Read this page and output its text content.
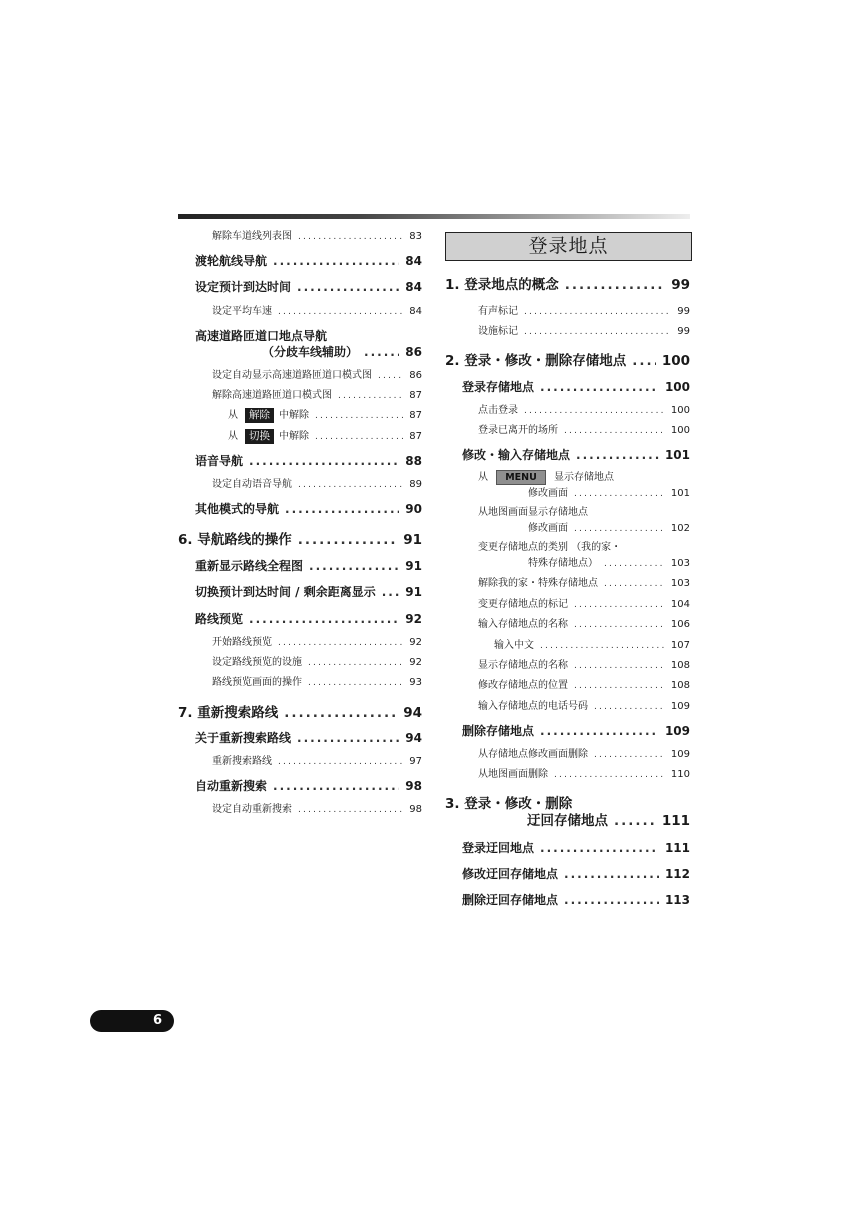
解除车道线列表图 .....	83
渡轮航线导航 .....	84
设定预计到达时间 .....	84
设定平均车速 .....	84
高速道路匝道口地点导航
（分歧车线辅助） .....	86
设定自动显示高速道路匝道口模式图 .....	86
解除高速道路匝道口模式图 .....	87
从 解除 中解除 .....	87
从 切换 中解除 .....	87
语音导航 .....	88
设定自动语音导航 .....	89
其他模式的导航 .....	90
6. 导航路线的操作 .....	91
重新显示路线全程图 .....	91
切换预计到达时间 / 剩余距离显示 ..... 91
路线预览 .....	92
开始路线预览 .....	92
设定路线预览的设施 .....	92
路线预览画面的操作 .....	93
7. 重新搜索路线 .....	94
关于重新搜索路线 .....	94
重新搜索路线 .....	97
自动重新搜索 .....	98
设定自动重新搜索 .....	98
登录地点
1. 登录地点的概念 .....	99
有声标记 .....	99
设施标记 .....	99
2. 登录・修改・删除存储地点 .....	100
登录存储地点 .....	100
点击登录 .....	100
登录已离开的场所 .....	100
修改・输入存储地点 .....	101
从 MENU 显示存储地点
修改画面 .....	101
从地图画面显示存储地点
修改画面 .....	102
变更存储地点的类别 （我的家・
特殊存储地点） .....	103
解除我的家・特殊存储地点 .....	103
变更存储地点的标记 .....	104
输入存储地点的名称 .....	106
输入中文 .....	107
显示存储地点的名称 .....	108
修改存储地点的位置 .....	108
输入存储地点的电话号码 .....	109
删除存储地点 .....	109
从存储地点修改画面删除 .....	109
从地图画面删除 .....	110
3. 登录・修改・删除
迂回存储地点 .....	111
登录迂回地点 .....	111
修改迂回存储地点 .....	112
删除迂回存储地点 .....	113
6
